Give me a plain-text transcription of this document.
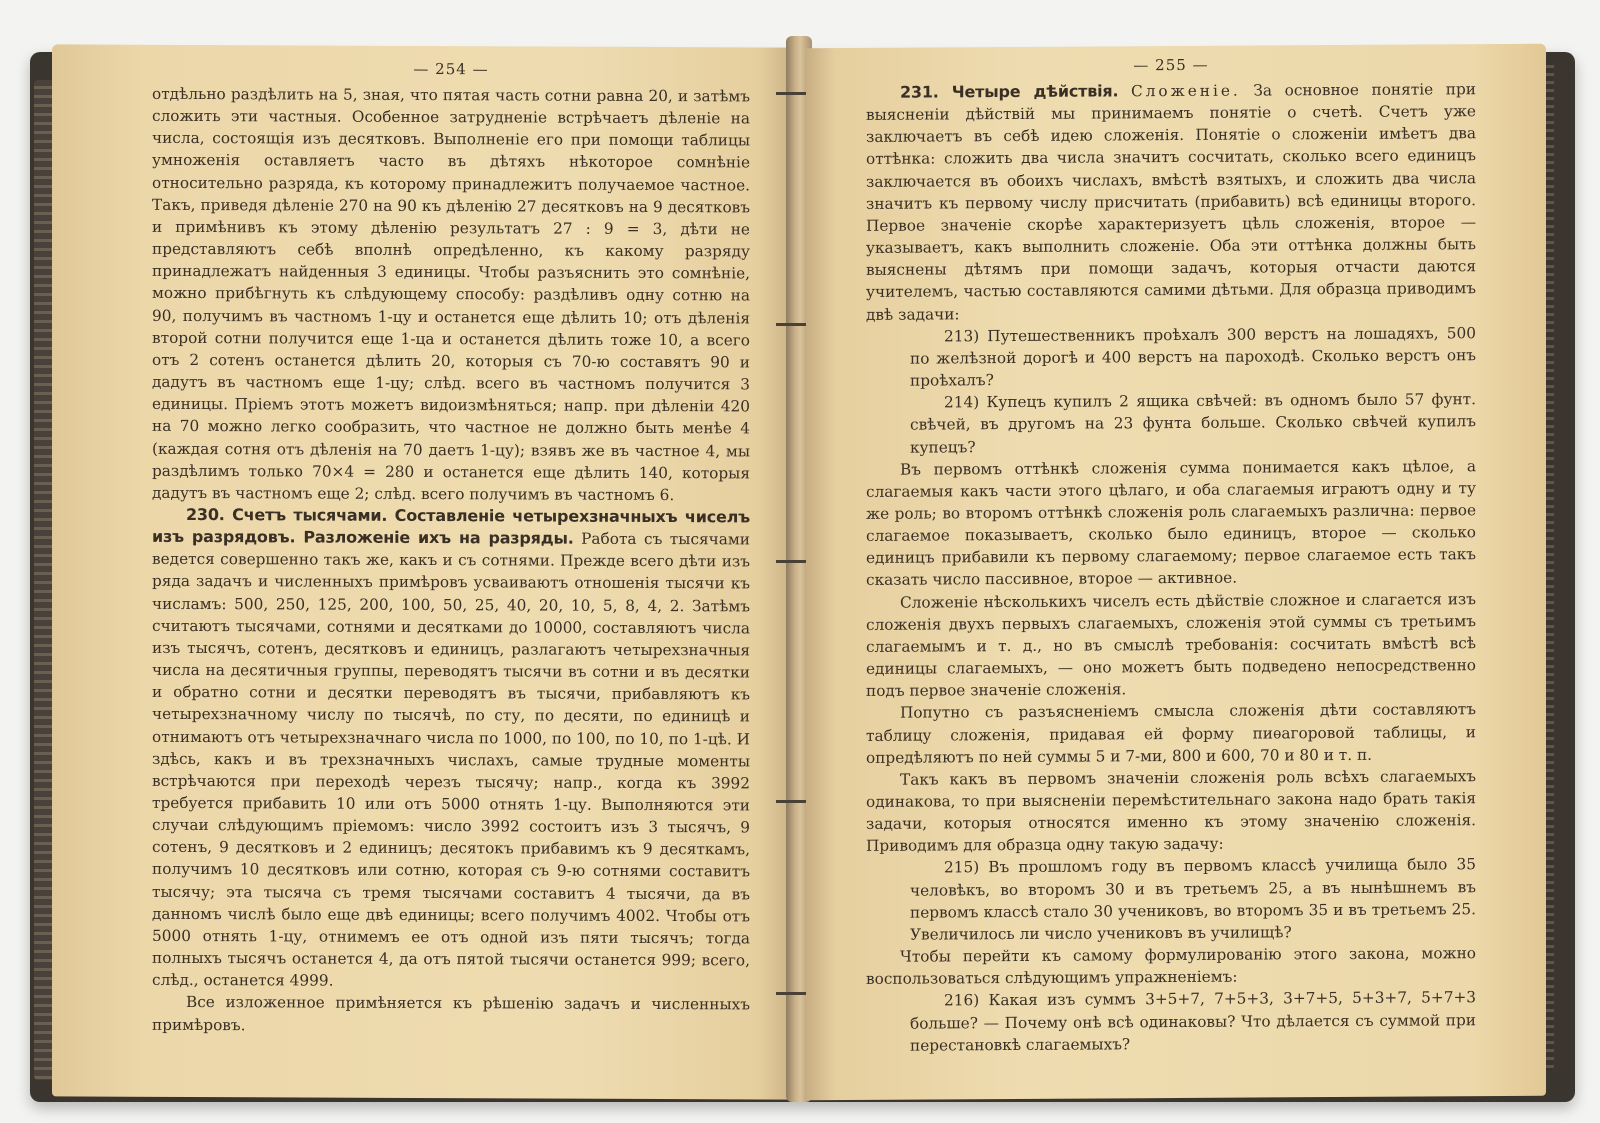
— 254 —

отдѣльно раздѣлить на 5, зная, что пятая часть сотни равна 20, и затѣмъ сложить эти частныя. Особенное затрудненіе встрѣчаетъ дѣленіе на числа, состоящія изъ десятковъ. Выполненіе его при помощи таблицы умноженія оставляетъ часто въ дѣтяхъ нѣкоторое сомнѣніе относительно разряда, къ которому принадлежитъ получаемое частное. Такъ, приведя дѣленіе 270 на 90 къ дѣленію 27 десятковъ на 9 десятковъ и примѣнивъ къ этому дѣленію результатъ 27 : 9 = 3, дѣти не представляютъ себѣ вполнѣ опредѣленно, къ какому разряду принадлежатъ найденныя 3 единицы. Чтобы разъяснить это сомнѣніе, можно прибѣгнуть къ слѣдующему способу: раздѣливъ одну сотню на 90, получимъ въ частномъ 1-цу и останется еще дѣлить 10; отъ дѣленія второй сотни получится еще 1-ца и останется дѣлить тоже 10, а всего отъ 2 сотенъ останется дѣлить 20, которыя съ 70-ю составятъ 90 и дадутъ въ частномъ еще 1-цу; слѣд. всего въ частномъ получится 3 единицы. Пріемъ этотъ можетъ видоизмѣняться; напр. при дѣленіи 420 на 70 можно легко сообразить, что частное не должно быть менѣе 4 (каждая сотня отъ дѣленія на 70 даетъ 1-цу); взявъ же въ частное 4, мы раздѣлимъ только 70×4 = 280 и останется еще дѣлить 140, которыя дадутъ въ частномъ еще 2; слѣд. всего получимъ въ частномъ 6.

230. Счетъ тысячами. Составленіе четырехзначныхъ чиселъ изъ разрядовъ. Разложеніе ихъ на разряды. Работа съ тысячами ведется совершенно такъ же, какъ и съ сотнями. Прежде всего дѣти изъ ряда задачъ и численныхъ примѣровъ усваиваютъ отношенія тысячи къ числамъ: 500, 250, 125, 200, 100, 50, 25, 40, 20, 10, 5, 8, 4, 2. Затѣмъ считаютъ тысячами, сотнями и десятками до 10000, составляютъ числа изъ тысячъ, сотенъ, десятковъ и единицъ, разлагаютъ четырехзначныя числа на десятичныя группы, переводятъ тысячи въ сотни и въ десятки и обратно сотни и десятки переводятъ въ тысячи, прибавляютъ къ четырехзначному числу по тысячѣ, по сту, по десяти, по единицѣ и отнимаютъ отъ четырехзначнаго числа по 1000, по 100, по 10, по 1-цѣ. И здѣсь, какъ и въ трехзначныхъ числахъ, самые трудные моменты встрѣчаются при переходѣ черезъ тысячу; напр., когда къ 3992 требуется прибавить 10 или отъ 5000 отнять 1-цу. Выполняются эти случаи слѣдующимъ пріемомъ: число 3992 состоитъ изъ 3 тысячъ, 9 сотенъ, 9 десятковъ и 2 единицъ; десятокъ прибавимъ къ 9 десяткамъ, получимъ 10 десятковъ или сотню, которая съ 9-ю сотнями составитъ тысячу; эта тысяча съ тремя тысячами составитъ 4 тысячи, да въ данномъ числѣ было еще двѣ единицы; всего получимъ 4002. Чтобы отъ 5000 отнять 1-цу, отнимемъ ее отъ одной изъ пяти тысячъ; тогда полныхъ тысячъ останется 4, да отъ пятой тысячи останется 999; всего, слѣд., останется 4999.

Все изложенное примѣняется къ рѣшенію задачъ и численныхъ примѣровъ.

— 255 —

231. Четыре дѣйствія. Сложеніе. За основное понятіе при выясненіи дѣйствій мы принимаемъ понятіе о счетѣ. Счетъ уже заключаетъ въ себѣ идею сложенія. Понятіе о сложеніи имѣетъ два оттѣнка: сложить два числа значитъ сосчитать, сколько всего единицъ заключается въ обоихъ числахъ, вмѣстѣ взятыхъ, и сложить два числа значитъ къ первому числу присчитать (прибавить) всѣ единицы второго. Первое значеніе скорѣе характеризуетъ цѣль сложенія, второе — указываетъ, какъ выполнить сложеніе. Оба эти оттѣнка должны быть выяснены дѣтямъ при помощи задачъ, которыя отчасти даются учителемъ, частью составляются самими дѣтьми. Для образца приводимъ двѣ задачи:

213) Путешественникъ проѣхалъ 300 верстъ на лошадяхъ, 500 по желѣзной дорогѣ и 400 верстъ на пароходѣ. Сколько верстъ онъ проѣхалъ?

214) Купецъ купилъ 2 ящика свѣчей: въ одномъ было 57 фунт. свѣчей, въ другомъ на 23 фунта больше. Сколько свѣчей купилъ купецъ?

Въ первомъ оттѣнкѣ сложенія сумма понимается какъ цѣлое, а слагаемыя какъ части этого цѣлаго, и оба слагаемыя играютъ одну и ту же роль; во второмъ оттѣнкѣ сложенія роль слагаемыхъ различна: первое слагаемое показываетъ, сколько было единицъ, второе — сколько единицъ прибавили къ первому слагаемому; первое слагаемое есть такъ сказать число пассивное, второе — активное.

Сложеніе нѣсколькихъ чиселъ есть дѣйствіе сложное и слагается изъ сложенія двухъ первыхъ слагаемыхъ, сложенія этой суммы съ третьимъ слагаемымъ и т. д., но въ смыслѣ требованія: сосчитать вмѣстѣ всѣ единицы слагаемыхъ, — оно можетъ быть подведено непосредственно подъ первое значеніе сложенія.

Попутно съ разъясненіемъ смысла сложенія дѣти составляютъ таблицу сложенія, придавая ей форму пиѳагоровой таблицы, и опредѣляютъ по ней суммы 5 и 7-ми, 800 и 600, 70 и 80 и т. п.

Такъ какъ въ первомъ значеніи сложенія роль всѣхъ слагаемыхъ одинакова, то при выясненіи перемѣстительнаго закона надо брать такія задачи, которыя относятся именно къ этому значенію сложенія. Приводимъ для образца одну такую задачу:

215) Въ прошломъ году въ первомъ классѣ училища было 35 человѣкъ, во второмъ 30 и въ третьемъ 25, а въ нынѣшнемъ въ первомъ классѣ стало 30 учениковъ, во второмъ 35 и въ третьемъ 25. Увеличилось ли число учениковъ въ училищѣ?

Чтобы перейти къ самому формулированію этого закона, можно воспользоваться слѣдующимъ упражненіемъ:

216) Какая изъ суммъ 3+5+7, 7+5+3, 3+7+5, 5+3+7, 5+7+3 больше? — Почему онѣ всѣ одинаковы? Что дѣлается съ суммой при перестановкѣ слагаемыхъ?
